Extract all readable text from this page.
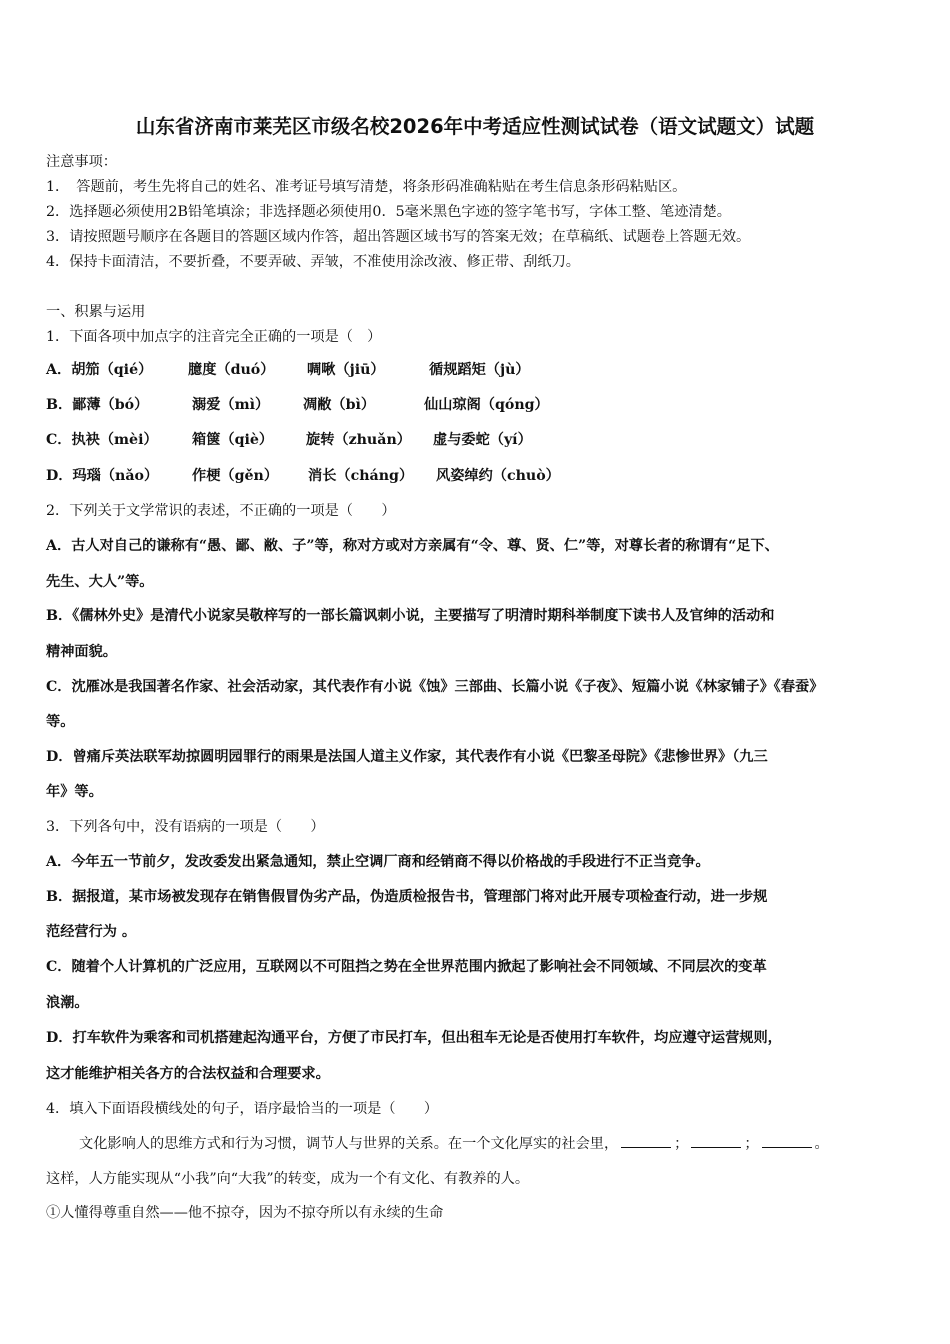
山东省济南市莱芜区市级名校2026年中考适应性测试试卷（语文试题文）试题
注意事项：
1．　答题前，考生先将自己的姓名、准考证号填写清楚，将条形码准确粘贴在考生信息条形码粘贴区。
2．选择题必须使用2B铅笔填涂；非选择题必须使用0．5毫米黑色字迹的签字笔书写，字体工整、笔迹清楚。
3．请按照题号顺序在各题目的答题区域内作答，超出答题区域书写的答案无效；在草稿纸、试题卷上答题无效。
4．保持卡面清洁，不要折叠，不要弄破、弄皱，不准使用涂改液、修正带、刮纸刀。
一、积累与运用
1．下面各项中加点字的注音完全正确的一项是（　）
A．胡笳（qié）	臆度（duó） 啁啾（jiū）	循规蹈矩（jù）
B．鄙薄（bó）	溺爱（mì） 凋敝（bì）	仙山琼阁（qóng）
C．执袂（mèi） 箱箧（qiè） 旋转（zhuǎn） 虚与委蛇（yí）
D．玛瑙（nǎo） 作梗（gěn） 消长（cháng） 风姿绰约（chuò）
2．下列关于文学常识的表述，不正确的一项是（　　）
A．古人对自己的谦称有“愚、鄙、敝、子”等，称对方或对方亲属有“令、尊、贤、仁”等，对尊长者的称谓有“足下、
先生、大人”等。
B．《儒林外史》是清代小说家吴敬梓写的一部长篇讽刺小说，主要描写了明清时期科举制度下读书人及官绅的活动和
精神面貌。
C．沈雁冰是我国著名作家、社会活动家，其代表作有小说《蚀》三部曲、长篇小说《子夜》、短篇小说《林家铺子》《春蚕》
等。
D．曾痛斥英法联军劫掠圆明园罪行的雨果是法国人道主义作家，其代表作有小说《巴黎圣母院》《悲惨世界》（九三
年》等。
3．下列各句中，没有语病的一项是（　　）
A．今年五一节前夕，发改委发出紧急通知，禁止空调厂商和经销商不得以价格战的手段进行不正当竞争。
B．据报道，某市场被发现存在销售假冒伪劣产品，伪造质检报告书，管理部门将对此开展专项检查行动，进一步规
范经营行为 。
C．随着个人计算机的广泛应用，互联网以不可阻挡之势在全世界范围内掀起了影响社会不同领域、不同层次的变革
浪潮。
D．打车软件为乘客和司机搭建起沟通平台，方便了市民打车，但出租车无论是否使用打车软件，均应遵守运营规则，
这才能维护相关各方的合法权益和合理要求。
4．填入下面语段横线处的句子，语序最恰当的一项是（　　）
文化影响人的思维方式和行为习惯，调节人与世界的关系。在一个文化厚实的社会里，	；	；	。
这样，人方能实现从“小我”向“大我”的转变，成为一个有文化、有教养的人。
①人懂得尊重自然——他不掠夺，因为不掠夺所以有永续的生命
